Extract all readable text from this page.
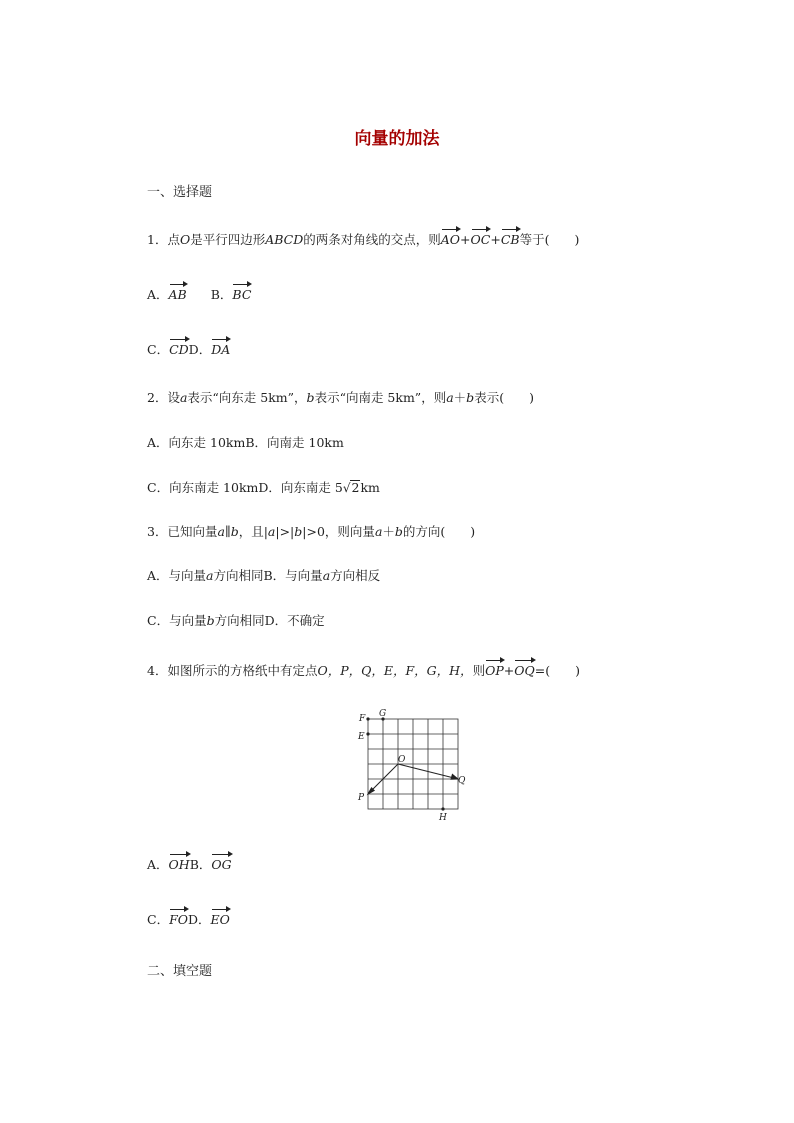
向量的加法
一、选择题
1．点O是平行四边形ABCD的两条对角线的交点，则AO+OC+CB等于(　　)
A．AB B．BC
C．CDD．DA
2．设a表示“向东走 5km”，b表示“向南走 5km”，则a＋b表示(　　)
A．向东走 10kmB．向南走 10km
C．向东南走 10kmD．向东南走 5√2km
3．已知向量a∥b，且|a|>|b|>0，则向量a＋b的方向(　　)
A．与向量a方向相同B．与向量a方向相反
C．与向量b方向相同D．不确定
4．如图所示的方格纸中有定点O，P，Q，E，F，G，H，则OP+OQ=(　　)
F G
E
O
Q
P
H
A．OHB．OG
C．FOD．EO
二、填空题
